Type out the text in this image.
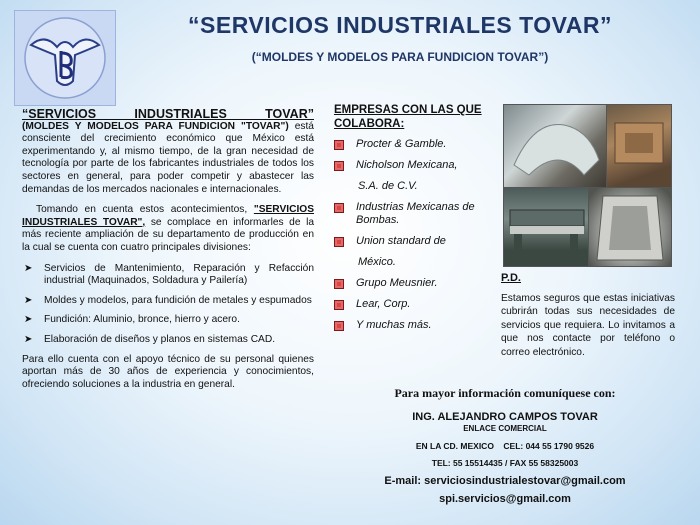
“SERVICIOS INDUSTRIALES TOVAR”
(“MOLDES Y MODELOS PARA FUNDICION TOVAR”)
“SERVICIOS INDUSTRIALES TOVAR”

(MOLDES Y MODELOS PARA FUNDICION "TOVAR") está consciente del crecimiento económico que México está experimentando y, al mismo tiempo, de la gran necesidad de tecnología por parte de los fabricantes industriales de todos los sectores en general, para poder competir y abastecer las demandas de los mercados nacionales e internacionales.

Tomando en cuenta estos acontecimientos, "SERVICIOS INDUSTRIALES TOVAR", se complace en informarles de la más reciente ampliación de su departamento de producción en la cual se cuenta con cuatro principales divisiones:

➤ Servicios de Mantenimiento, Reparación y Refacción industrial (Maquinados, Soldadura y Pailería)
➤ Moldes y modelos, para fundición de metales y espumados
➤ Fundición: Aluminio, bronce, hierro y acero.
➤ Elaboración de diseños y planos en sistemas CAD.

Para ello cuenta con el apoyo técnico de su personal quienes aportan más de 30 años de experiencia y conocimientos, ofreciendo soluciones a la industria en general.

EMPRESAS CON LAS QUE COLABORA:
Procter & Gamble.
Nicholson Mexicana,
S.A. de C.V.
Industrias Mexicanas de Bombas.
Union standard de
México.
Grupo Meusnier.
Lear, Corp.
Y muchas más.
P.D.
Estamos seguros que estas iniciativas cubrirán todas sus necesidades de servicios que requiera. Lo invitamos a que nos contacte por teléfono o correo electrónico.
Para mayor información comuníquese con:
ING. ALEJANDRO CAMPOS TOVAR
ENLACE COMERCIAL
EN LA CD. MEXICO    CEL: 044 55 1790 9526
TEL: 55 15514435 / FAX 55 58325003
E-mail: serviciosindustrialestovar@gmail.com
spi.servicios@gmail.com
